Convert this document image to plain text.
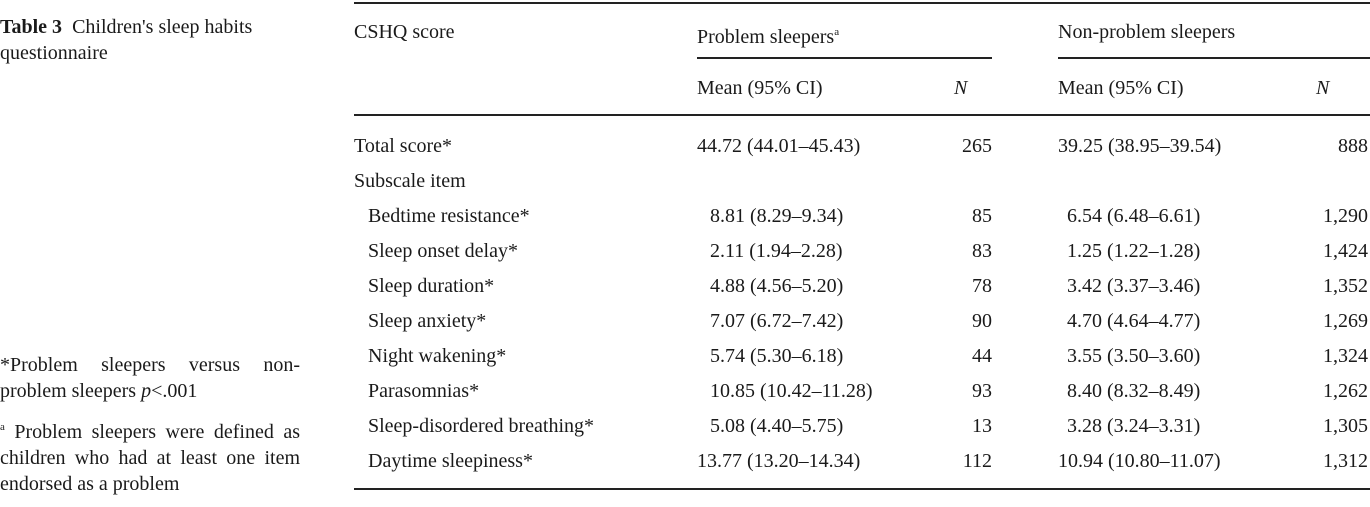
Table 3 Children's sleep habits questionnaire

*Problem sleepers versus non-problem sleepers p<.001

$^a$ Problem sleepers were defined as children who had at least one item endorsed as a problem

CSHQ score	Problem sleepers$^a$	Non-problem sleepers
Mean (95% CI)	N	Mean (95% CI)	N
Total score*	44.72 (44.01–45.43)	265	39.25 (38.95–39.54)	888
Subscale item
Bedtime resistance*	8.81 (8.29–9.34)	85	6.54 (6.48–6.61)	1,290
Sleep onset delay*	2.11 (1.94–2.28)	83	1.25 (1.22–1.28)	1,424
Sleep duration*	4.88 (4.56–5.20)	78	3.42 (3.37–3.46)	1,352
Sleep anxiety*	7.07 (6.72–7.42)	90	4.70 (4.64–4.77)	1,269
Night wakening*	5.74 (5.30–6.18)	44	3.55 (3.50–3.60)	1,324
Parasomnias*	10.85 (10.42–11.28)	93	8.40 (8.32–8.49)	1,262
Sleep-disordered breathing*	5.08 (4.40–5.75)	13	3.28 (3.24–3.31)	1,305
Daytime sleepiness*	13.77 (13.20–14.34)	112	10.94 (10.80–11.07)	1,312
